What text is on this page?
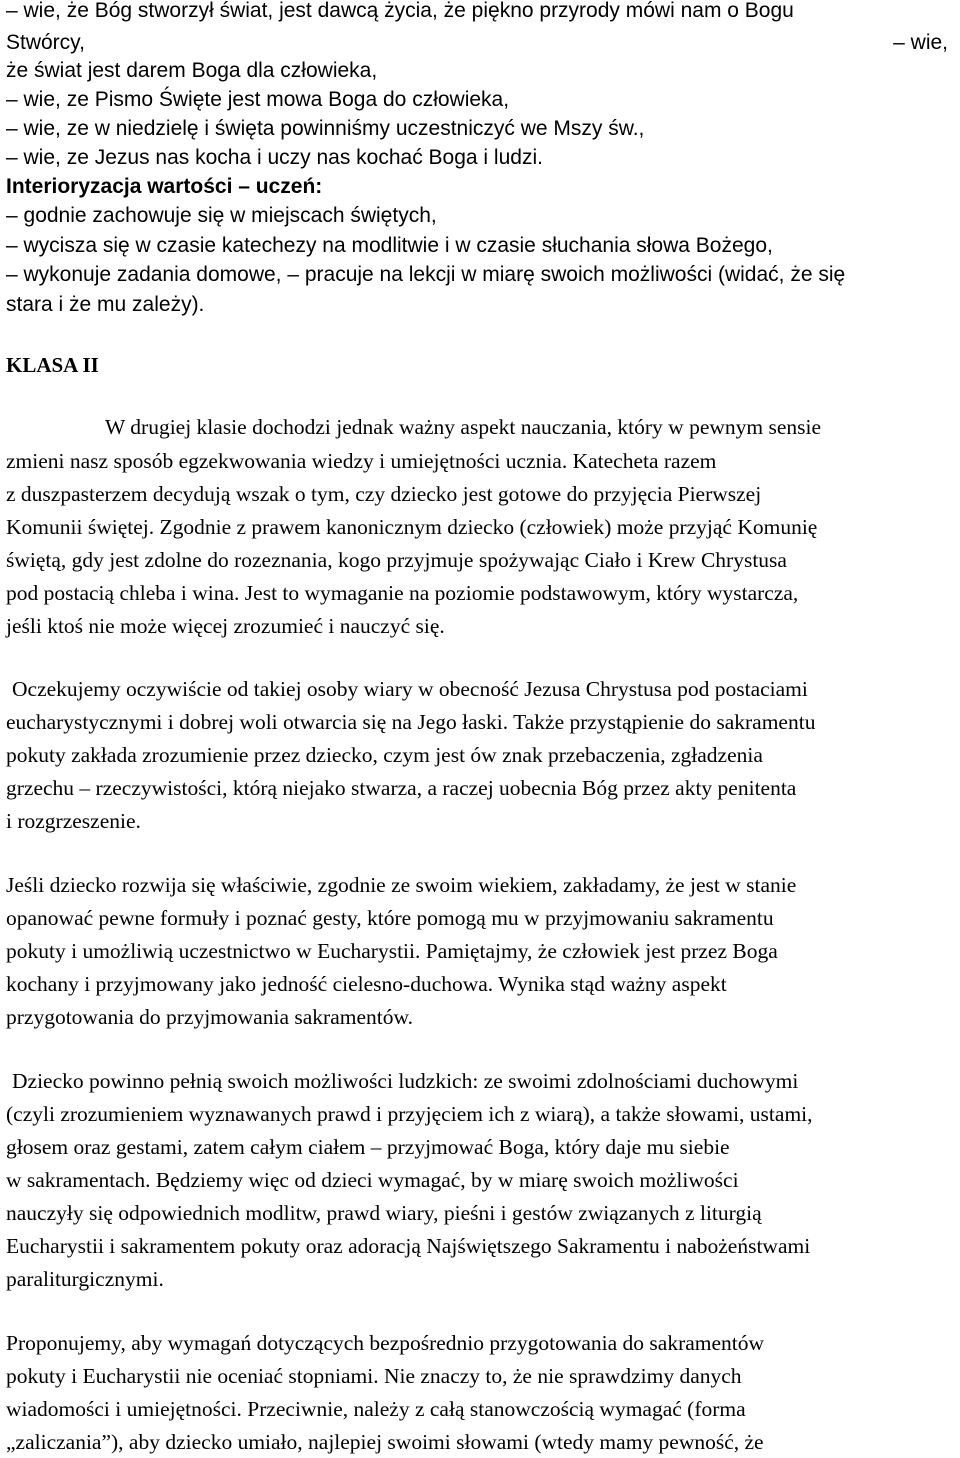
– wie, że Bóg stworzył świat, jest dawcą życia, że piękno przyrody mówi nam o Bogu
Stwórcy,	– wie,
że świat jest darem Boga dla człowieka,
– wie, ze Pismo Święte jest mowa Boga do człowieka,
– wie, ze w niedzielę i święta powinniśmy uczestniczyć we Mszy św.,
– wie, ze Jezus nas kocha i uczy nas kochać Boga i ludzi.
Interioryzacja wartości – uczeń:
– godnie zachowuje się w miejscach świętych,
– wycisza się w czasie katechezy na modlitwie i w czasie słuchania słowa Bożego,
– wykonuje zadania domowe, – pracuje na lekcji w miarę swoich możliwości (widać, że się
stara i że mu zależy).
KLASA II
W drugiej klasie dochodzi jednak ważny aspekt nauczania, który w pewnym sensie
zmieni nasz sposób egzekwowania wiedzy i umiejętności ucznia. Katecheta razem
z duszpasterzem decydują wszak o tym, czy dziecko jest gotowe do przyjęcia Pierwszej
Komunii świętej. Zgodnie z prawem kanonicznym dziecko (człowiek) może przyjąć Komunię
świętą, gdy jest zdolne do rozeznania, kogo przyjmuje spożywając Ciało i Krew Chrystusa
pod postacią chleba i wina. Jest to wymaganie na poziomie podstawowym, który wystarcza,
jeśli ktoś nie może więcej zrozumieć i nauczyć się.
Oczekujemy oczywiście od takiej osoby wiary w obecność Jezusa Chrystusa pod postaciami
eucharystycznymi i dobrej woli otwarcia się na Jego łaski. Także przystąpienie do sakramentu
pokuty zakłada zrozumienie przez dziecko, czym jest ów znak przebaczenia, zgładzenia
grzechu – rzeczywistości, którą niejako stwarza, a raczej uobecnia Bóg przez akty penitenta
i rozgrzeszenie.
Jeśli dziecko rozwija się właściwie, zgodnie ze swoim wiekiem, zakładamy, że jest w stanie
opanować pewne formuły i poznać gesty, które pomogą mu w przyjmowaniu sakramentu
pokuty i umożliwią uczestnictwo w Eucharystii. Pamiętajmy, że człowiek jest przez Boga
kochany i przyjmowany jako jedność cielesno-duchowa. Wynika stąd ważny aspekt
przygotowania do przyjmowania sakramentów.
Dziecko powinno pełnią swoich możliwości ludzkich: ze swoimi zdolnościami duchowymi
(czyli zrozumieniem wyznawanych prawd i przyjęciem ich z wiarą), a także słowami, ustami,
głosem oraz gestami, zatem całym ciałem – przyjmować Boga, który daje mu siebie
w sakramentach. Będziemy więc od dzieci wymagać, by w miarę swoich możliwości
nauczyły się odpowiednich modlitw, prawd wiary, pieśni i gestów związanych z liturgią
Eucharystii i sakramentem pokuty oraz adoracją Najświętszego Sakramentu i nabożeństwami
paraliturgicznymi.
Proponujemy, aby wymagań dotyczących bezpośrednio przygotowania do sakramentów
pokuty i Eucharystii nie oceniać stopniami. Nie znaczy to, że nie sprawdzimy danych
wiadomości i umiejętności. Przeciwnie, należy z całą stanowczością wymagać (forma
„zaliczania”), aby dziecko umiało, najlepiej swoimi słowami (wtedy mamy pewność, że
